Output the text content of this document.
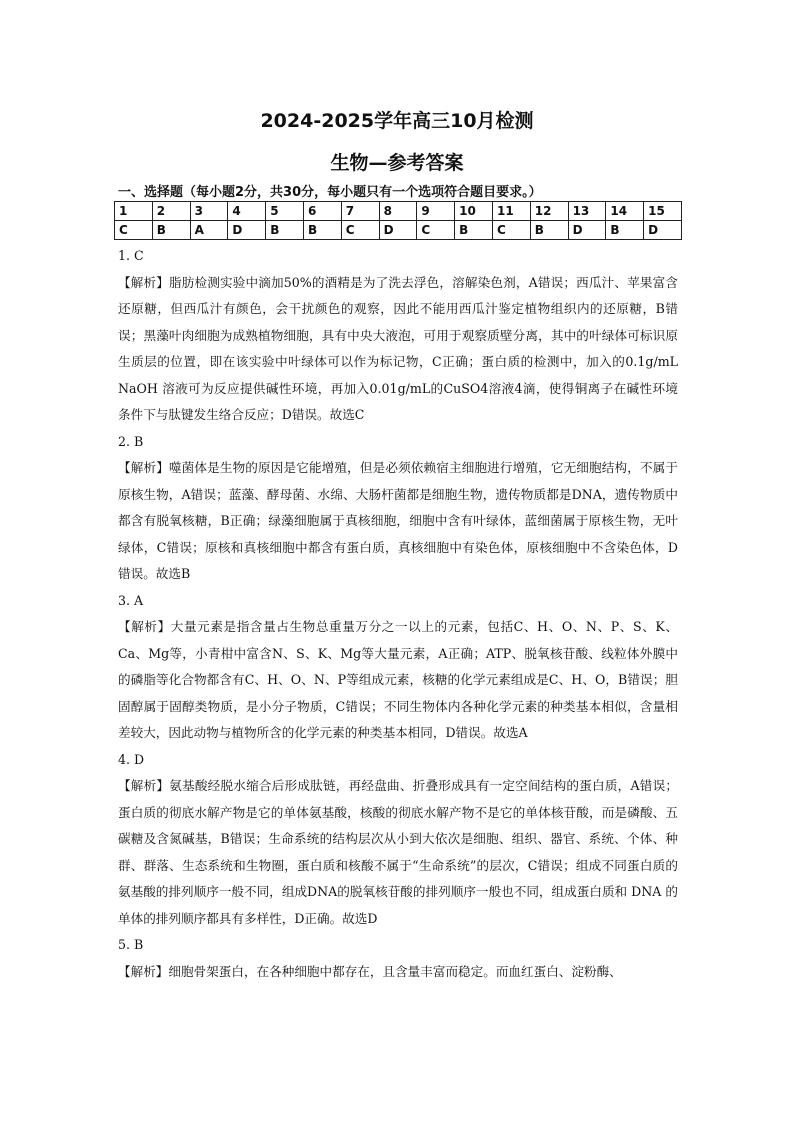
2024-2025学年高三10月检测
生物—参考答案
一、选择题（每小题2分，共30分，每小题只有一个选项符合题目要求。）
1	2	3	4	5	6	7	8	9	10	11	12	13	14	15
C	B	A	D	B	B	C	D	C	B	C	B	D	B	D
1. C
【解析】脂肪检测实验中滴加50%的酒精是为了洗去浮色，溶解染色剂，A错误；西瓜汁、苹果富含还原糖，但西瓜汁有颜色，会干扰颜色的观察，因此不能用西瓜汁鉴定植物组织内的还原糖，B错误；黑藻叶肉细胞为成熟植物细胞，具有中央大液泡，可用于观察质壁分离，其中的叶绿体可标识原生质层的位置，即在该实验中叶绿体可以作为标记物，C正确；蛋白质的检测中，加入的0.1g/mL NaOH 溶液可为反应提供碱性环境，再加入0.01g/mL的CuSO4溶液4滴，使得铜离子在碱性环境条件下与肽键发生络合反应；D错误。故选C
2. B
【解析】噬菌体是生物的原因是它能增殖，但是必须依赖宿主细胞进行增殖，它无细胞结构，不属于原核生物，A错误；蓝藻、酵母菌、水绵、大肠杆菌都是细胞生物，遗传物质都是DNA，遗传物质中都含有脱氧核糖，B正确；绿藻细胞属于真核细胞，细胞中含有叶绿体，蓝细菌属于原核生物，无叶绿体，C错误；原核和真核细胞中都含有蛋白质，真核细胞中有染色体，原核细胞中不含染色体，D错误。故选B
3. A
【解析】大量元素是指含量占生物总重量万分之一以上的元素，包括C、H、O、N、P、S、K、Ca、Mg等，小青柑中富含N、S、K、Mg等大量元素，A正确；ATP、脱氧核苷酸、线粒体外膜中的磷脂等化合物都含有C、H、O、N、P等组成元素，核糖的化学元素组成是C、H、O，B错误；胆固醇属于固醇类物质，是小分子物质，C错误；不同生物体内各种化学元素的种类基本相似，含量相差较大，因此动物与植物所含的化学元素的种类基本相同，D错误。故选A
4. D
【解析】氨基酸经脱水缩合后形成肽链，再经盘曲、折叠形成具有一定空间结构的蛋白质，A错误；蛋白质的彻底水解产物是它的单体氨基酸，核酸的彻底水解产物不是它的单体核苷酸，而是磷酸、五碳糖及含氮碱基，B错误；生命系统的结构层次从小到大依次是细胞、组织、器官、系统、个体、种群、群落、生态系统和生物圈，蛋白质和核酸不属于“生命系统”的层次，C错误；组成不同蛋白质的氨基酸的排列顺序一般不同，组成DNA的脱氧核苷酸的排列顺序一般也不同，组成蛋白质和 DNA 的单体的排列顺序都具有多样性，D正确。故选D
5. B
【解析】细胞骨架蛋白，在各种细胞中都存在，且含量丰富而稳定。而血红蛋白、淀粉酶、
